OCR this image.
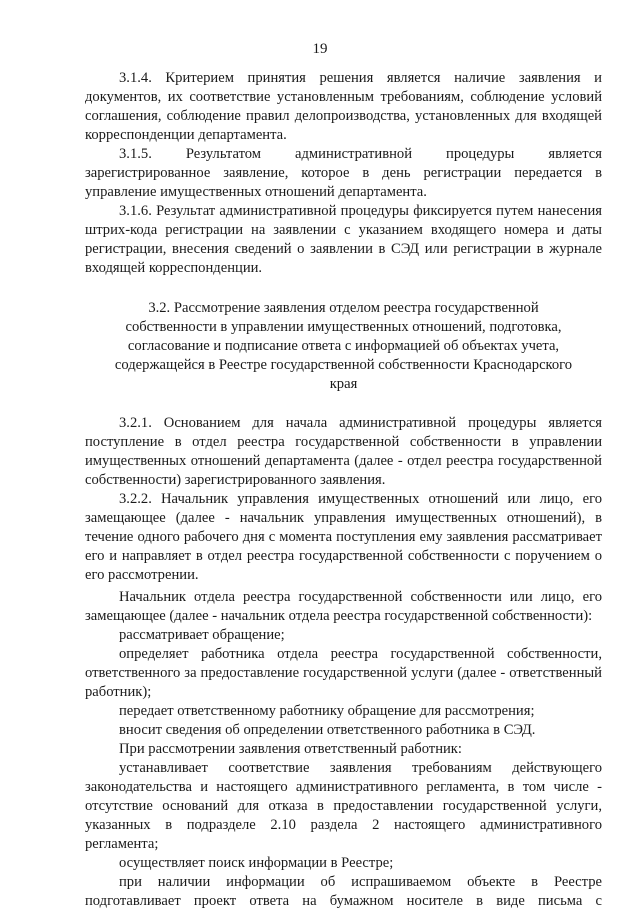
19

3.1.4. Критерием принятия решения является наличие заявления и документов, их соответствие установленным требованиям, соблюдение условий соглашения, соблюдение правил делопроизводства, установленных для входящей корреспонденции департамента.

3.1.5. Результатом административной процедуры является зарегистрированное заявление, которое в день регистрации передается в управление имущественных отношений департамента.

3.1.6. Результат административной процедуры фиксируется путем нанесения штрих-кода регистрации на заявлении с указанием входящего номера и даты регистрации, внесения сведений о заявлении в СЭД или регистрации в журнале входящей корреспонденции.

3.2. Рассмотрение заявления отделом реестра государственной собственности в управлении имущественных отношений, подготовка, согласование и подписание ответа с информацией об объектах учета, содержащейся в Реестре государственной собственности Краснодарского края

3.2.1. Основанием для начала административной процедуры является поступление в отдел реестра государственной собственности в управлении имущественных отношений департамента (далее - отдел реестра государственной собственности) зарегистрированного заявления.

3.2.2. Начальник управления имущественных отношений или лицо, его замещающее (далее - начальник управления имущественных отношений), в течение одного рабочего дня с момента поступления ему заявления рассматривает его и направляет в отдел реестра государственной собственности с поручением о его рассмотрении.

Начальник отдела реестра государственной собственности или лицо, его замещающее (далее - начальник отдела реестра государственной собственности):

рассматривает обращение;

определяет работника отдела реестра государственной собственности, ответственного за предоставление государственной услуги (далее - ответственный работник);

передает ответственному работнику обращение для рассмотрения;

вносит сведения об определении ответственного работника в СЭД.

При рассмотрении заявления ответственный работник:

устанавливает соответствие заявления требованиям действующего законодательства и настоящего административного регламента, в том числе - отсутствие оснований для отказа в предоставлении государственной услуги, указанных в подразделе 2.10 раздела 2 настоящего административного регламента;

осуществляет поиск информации в Реестре;

при наличии информации об испрашиваемом объекте в Реестре подготавливает проект ответа на бумажном носителе в виде письма с
